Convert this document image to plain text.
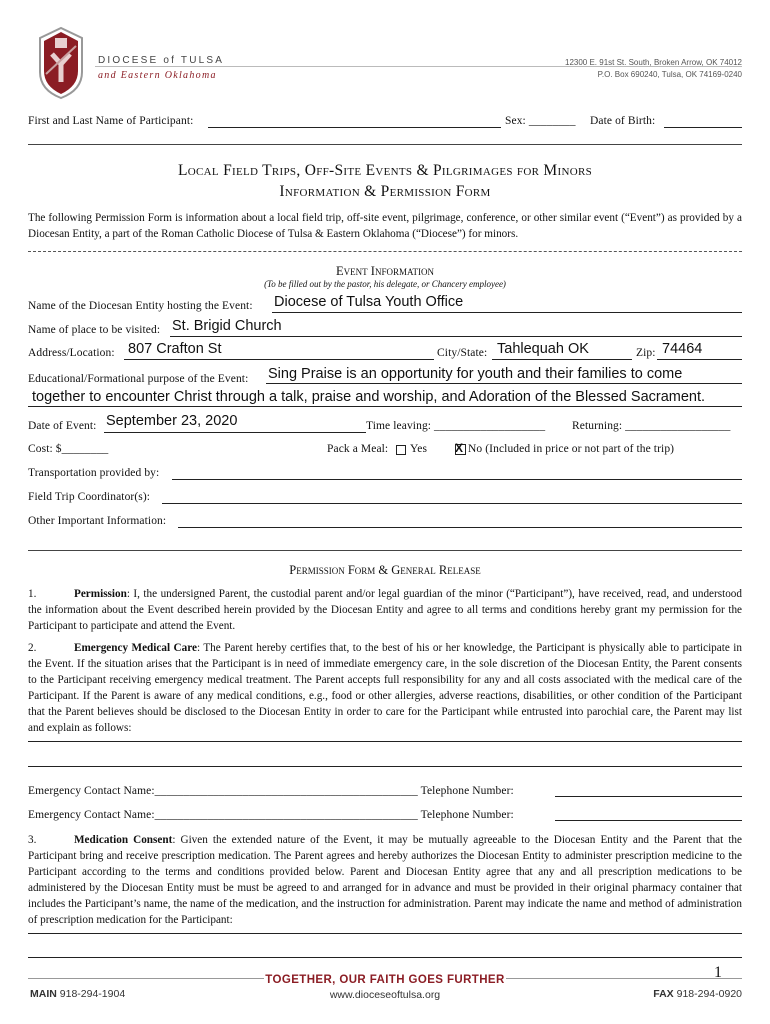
DIOCESE of TULSA
and Eastern Oklahoma
12300 E. 91st St. South, Broken Arrow, OK 74012
P.O. Box 690240, Tulsa, OK 74169-0240
First and Last Name of Participant:	Sex: ________ Date of Birth:
Local Field Trips, Off-Site Events & Pilgrimages for Minors
Information & Permission Form
The following Permission Form is information about a local field trip, off-site event, pilgrimage, conference, or other similar event (“Event”) as provided by a Diocesan Entity, a part of the Roman Catholic Diocese of Tulsa & Eastern Oklahoma (“Diocese”) for minors.
Event Information
(To be filled out by the pastor, his delegate, or Chancery employee)
Name of the Diocesan Entity hosting the Event: Diocese of Tulsa Youth Office
Name of place to be visited: St. Brigid Church
Address/Location: 807 Crafton St	City/State: Tahlequah OK	Zip: 74464
Educational/Formational purpose of the Event: Sing Praise is an opportunity for youth and their families to come
together to encounter Christ through a talk, praise and worship, and Adoration of the Blessed Sacrament.
Date of Event: September 23, 2020	Time leaving: ___________________ Returning: __________________
Cost: $________	Pack a Meal: Yes X No (Included in price or not part of the trip)
Transportation provided by:
Field Trip Coordinator(s):
Other Important Information:
Permission Form & General Release
1.	Permission: I, the undersigned Parent, the custodial parent and/or legal guardian of the minor (“Participant”), have received, read, and understood the information about the Event described herein provided by the Diocesan Entity and agree to all terms and conditions hereby grant my permission for the Participant to participate and attend the Event.
2.	Emergency Medical Care: The Parent hereby certifies that, to the best of his or her knowledge, the Participant is physically able to participate in the Event. If the situation arises that the Participant is in need of immediate emergency care, in the sole discretion of the Diocesan Entity, the Parent consents to the Participant receiving emergency medical treatment. The Parent accepts full responsibility for any and all costs associated with the medical care of the Participant. If the Parent is aware of any medical conditions, e.g., food or other allergies, adverse reactions, disabilities, or other condition of the Participant that the Parent believes should be disclosed to the Diocesan Entity in order to care for the Participant while entrusted into parochial care, the Parent may list and explain as follows:
Emergency Contact Name:_____________________________________________ Telephone Number:
Emergency Contact Name:_____________________________________________ Telephone Number:
3.	Medication Consent: Given the extended nature of the Event, it may be mutually agreeable to the Diocesan Entity and the Parent that the Participant bring and receive prescription medication. The Parent agrees and hereby authorizes the Diocesan Entity to administer prescription medicine to the Participant according to the terms and conditions provided below. Parent and Diocesan Entity agree that any and all prescription medications to be administered by the Diocesan Entity must be must be agreed to and arranged for in advance and must be provided in their original pharmacy container that includes the Participant’s name, the name of the medication, and the instruction for administration. Parent may indicate the name and method of administration of prescription medication for the Participant:
1
MAIN 918-294-1904
TOGETHER, OUR FAITH GOES FURTHER
www.dioceseoftulsa.org	FAX 918-294-0920
